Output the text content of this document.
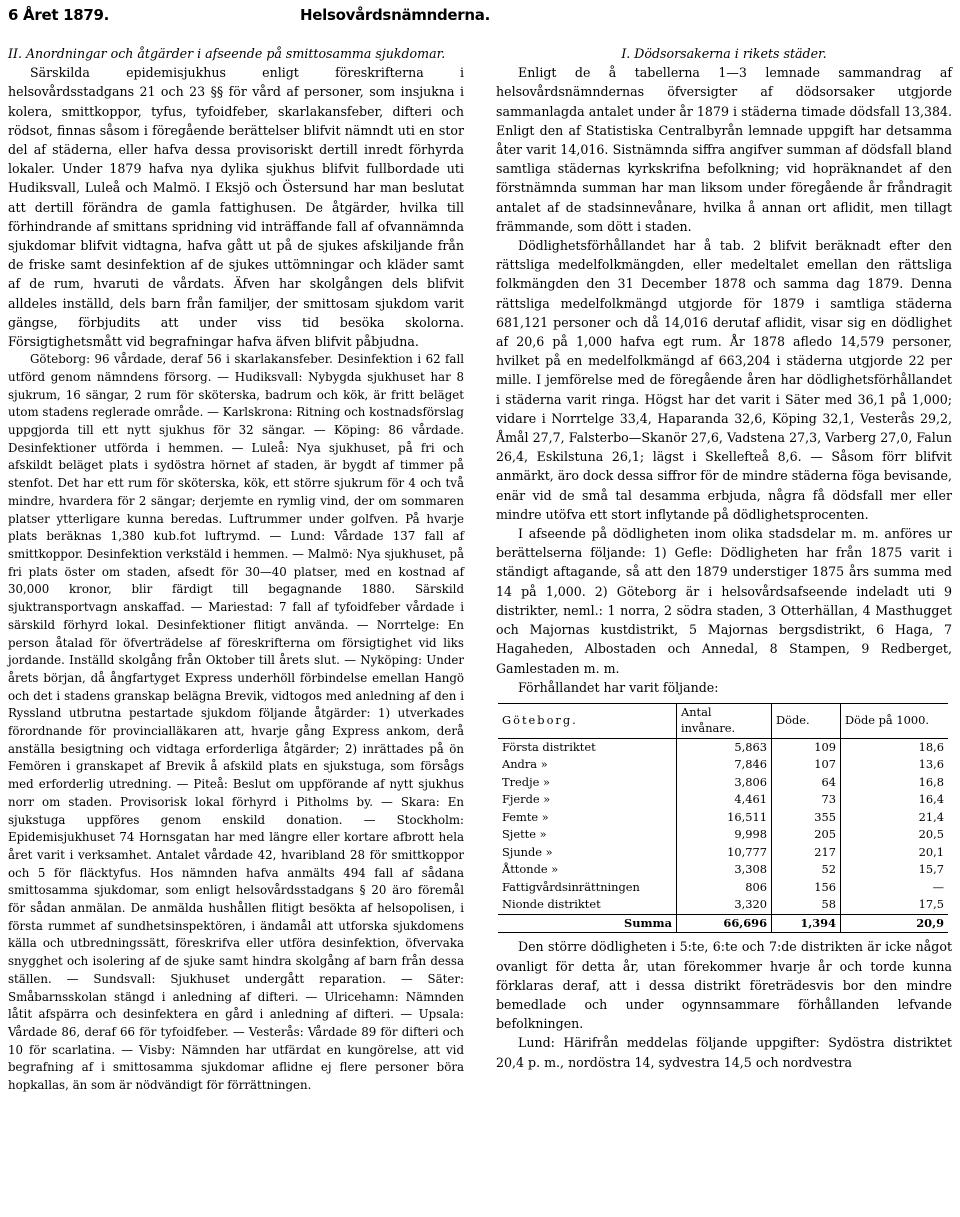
6 Året 1879.	Helsovårdsnämnderna.

II. Anordningar och åtgärder i afseende på smittosamma sjukdomar.

Särskilda epidemisjukhus enligt föreskrifterna i helsovårdsstadgans 21 och 23 §§ för vård af personer, som insjukna i kolera, smittkoppor, tyfus, tyfoidfeber, skarlakansfeber, difteri och rödsot, finnas såsom i föregående berättelser blifvit nämndt uti en stor del af städerna, eller hafva dessa provisoriskt dertill inredt förhyrda lokaler. Under 1879 hafva nya dylika sjukhus blifvit fullbordade uti Hudiksvall, Luleå och Malmö. I Eksjö och Östersund har man beslutat att dertill förändra de gamla fattighusen. De åtgärder, hvilka till förhindrande af smittans spridning vid inträffande fall af ofvannämnda sjukdomar blifvit vidtagna, hafva gått ut på de sjukes afskiljande från de friske samt desinfektion af de sjukes uttömningar och kläder samt af de rum, hvaruti de vårdats. Äfven har skolgången dels blifvit alldeles inställd, dels barn från familjer, der smittosam sjukdom varit gängse, förbjudits att under viss tid besöka skolorna. Försigtighetsmått vid begrafningar hafva äfven blifvit påbjudna.

Göteborg: 96 vårdade, deraf 56 i skarlakansfeber. Desinfektion i 62 fall utförd genom nämndens försorg. — Hudiksvall: Nybygda sjukhuset har 8 sjukrum, 16 sängar, 2 rum för sköterska, badrum och kök, är fritt beläget utom stadens reglerade område. — Karlskrona: Ritning och kostnadsförslag uppgjorda till ett nytt sjukhus för 32 sängar. — Köping: 86 vårdade. Desinfektioner utförda i hemmen. — Luleå: Nya sjukhuset, på fri och afskildt beläget plats i sydöstra hörnet af staden, är bygdt af timmer på stenfot. Det har ett rum för sköterska, kök, ett större sjukrum för 4 och två mindre, hvardera för 2 sängar; derjemte en rymlig vind, der om sommaren platser ytterligare kunna beredas. Luftrummer under golfven. På hvarje plats beräknas 1,380 kub.fot luftrymd. — Lund: Vårdade 137 fall af smittkoppor. Desinfektion verkstäld i hemmen. — Malmö: Nya sjukhuset, på fri plats öster om staden, afsedt för 30—40 platser, med en kostnad af 30,000 kronor, blir färdigt till begagnande 1880. Särskild sjuktransportvagn anskaffad. — Mariestad: 7 fall af tyfoidfeber vårdade i särskild förhyrd lokal. Desinfektioner flitigt använda. — Norrtelge: En person åtalad för öfverträdelse af föreskrifterna om försigtighet vid liks jordande. Inställd skolgång från Oktober till årets slut. — Nyköping: Under årets början, då ångfartyget Express underhöll förbindelse emellan Hangö och det i stadens granskap belägna Brevik, vidtogos med anledning af den i Ryssland utbrutna pestartade sjukdom följande åtgärder: 1) utverkades förordnande för provincialläkaren att, hvarje gång Express ankom, derå anställa besigtning och vidtaga erforderliga åtgärder; 2) inrättades på ön Femören i granskapet af Brevik å afskild plats en sjukstuga, som försågs med erforderlig utredning. — Piteå: Beslut om uppförande af nytt sjukhus norr om staden. Provisorisk lokal förhyrd i Pitholms by. — Skara: En sjukstuga uppföres genom enskild donation. — Stockholm: Epidemisjukhuset 74 Hornsgatan har med längre eller kortare afbrott hela året varit i verksamhet. Antalet vårdade 42, hvaribland 28 för smittkoppor och 5 för fläcktyfus. Hos nämnden hafva anmälts 494 fall af sådana smittosamma sjukdomar, som enligt helsovårdsstadgans § 20 äro föremål för sådan anmälan. De anmälda hushållen flitigt besökta af helsopolisen, i första rummet af sundhetsinspektören, i ändamål att utforska sjukdomens källa och utbredningssätt, föreskrifva eller utföra desinfektion, öfvervaka snygghet och isolering af de sjuke samt hindra skolgång af barn från dessa ställen. — Sundsvall: Sjukhuset undergått reparation. — Säter: Småbarnsskolan stängd i anledning af difteri. — Ulricehamn: Nämnden låtit afspärra och desinfektera en gård i anledning af difteri. — Upsala: Vårdade 86, deraf 66 för tyfoidfeber. — Vesterås: Vårdade 89 för difteri och 10 för scarlatina. — Visby: Nämnden har utfärdat en kungörelse, att vid begrafning af i smittosamma sjukdomar aflidne ej flere personer böra hopkallas, än som är nödvändigt för förrättningen.

I. Dödsorsakerna i rikets städer.

Enligt de å tabellerna 1—3 lemnade sammandrag af helsovårdsnämndernas öfversigter af dödsorsaker utgjorde sammanlagda antalet under år 1879 i städerna timade dödsfall 13,384. Enligt den af Statistiska Centralbyrån lemnade uppgift har detsamma åter varit 14,016. Sistnämnda siffra angifver summan af dödsfall bland samtliga städernas kyrkskrifna befolkning; vid hopräknandet af den förstnämnda summan har man liksom under föregående år fråndragit antalet af de stadsinnevånare, hvilka å annan ort aflidit, men tillagt främmande, som dött i staden.

Dödlighetsförhållandet har å tab. 2 blifvit beräknadt efter den rättsliga medelfolkmängden, eller medeltalet emellan den rättsliga folkmängden den 31 December 1878 och samma dag 1879. Denna rättsliga medelfolkmängd utgjorde för 1879 i samtliga städerna 681,121 personer och då 14,016 derutaf aflidit, visar sig en dödlighet af 20,6 på 1,000 hafva egt rum. År 1878 afledo 14,579 personer, hvilket på en medelfolkmängd af 663,204 i städerna utgjorde 22 per mille. I jemförelse med de föregående åren har dödlighetsförhållandet i städerna varit ringa. Högst har det varit i Säter med 36,1 på 1,000; vidare i Norrtelge 33,4, Haparanda 32,6, Köping 32,1, Vesterås 29,2, Åmål 27,7, Falsterbo—Skanör 27,6, Vadstena 27,3, Varberg 27,0, Falun 26,4, Eskilstuna 26,1; lägst i Skellefteå 8,6. — Såsom förr blifvit anmärkt, äro dock dessa siffror för de mindre städerna föga bevisande, enär vid de små tal desamma erbjuda, några få dödsfall mer eller mindre utöfva ett stort inflytande på dödlighetsprocenten.

I afseende på dödligheten inom olika stadsdelar m. m. anföres ur berättelserna följande: 1) Gefle: Dödligheten har från 1875 varit i ständigt aftagande, så att den 1879 understiger 1875 års summa med 14 på 1,000. 2) Göteborg är i helsovårdsafseende indeladt uti 9 distrikter, neml.: 1 norra, 2 södra staden, 3 Otterhällan, 4 Masthugget och Majornas kustdistrikt, 5 Majornas bergsdistrikt, 6 Haga, 7 Hagaheden, Albostaden och Annedal, 8 Stampen, 9 Redberget, Gamlestaden m. m.

Förhållandet har varit följande:

Göteborg.	Antal invånare.	Döde.	Döde på 1000.
Första distriktet	5,863	109	18,6
Andra »	7,846	107	13,6
Tredje »	3,806	64	16,8
Fjerde »	4,461	73	16,4
Femte »	16,511	355	21,4
Sjette »	9,998	205	20,5
Sjunde »	10,777	217	20,1
Åttonde »	3,308	52	15,7
Fattigvårdsinrättningen	806	156	—
Nionde distriktet	3,320	58	17,5
Summa	66,696	1,394	20,9

Den större dödligheten i 5:te, 6:te och 7:de distrikten är icke något ovanligt för detta år, utan förekommer hvarje år och torde kunna förklaras deraf, att i dessa distrikt företrädesvis bor den mindre bemedlade och under ogynnsammare förhållanden lefvande befolkningen.

Lund: Härifrån meddelas följande uppgifter: Sydöstra distriktet 20,4 p. m., nordöstra 14, sydvestra 14,5 och nordvestra
